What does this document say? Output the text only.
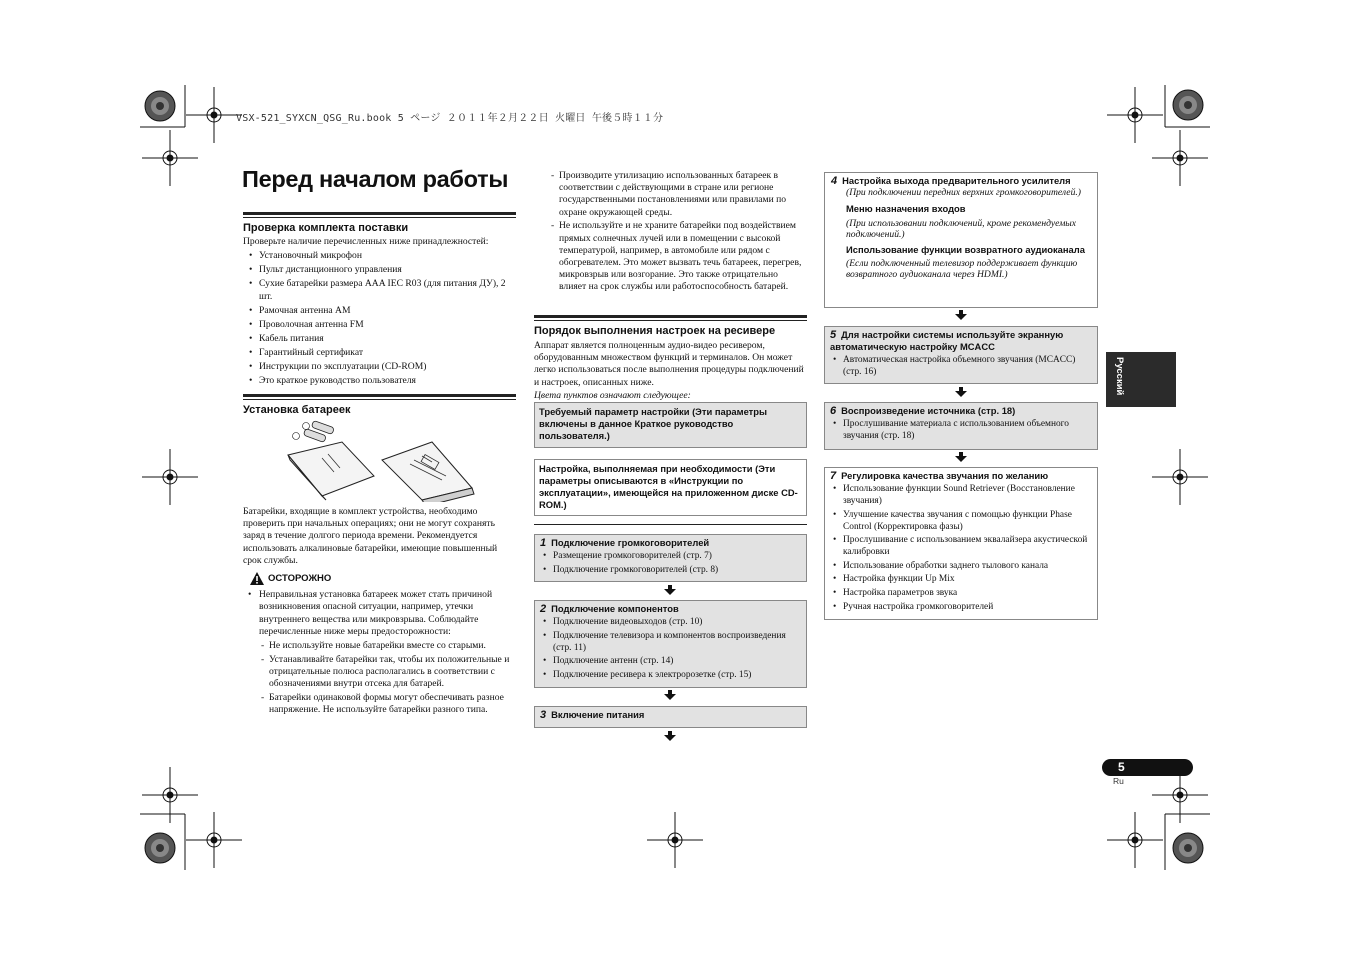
VSX-521_SYXCN_QSG_Ru.book 5 ページ ２０１１年２月２２日 火曜日 午後５時１１分
Перед началом работы
Проверка комплекта поставки
Проверьте наличие перечисленных ниже принадлежностей:
• Установочный микрофон
• Пульт дистанционного управления
• Сухие батарейки размера AAA IEC R03 (для питания ДУ), 2 шт.
• Рамочная антенна AM
• Проволочная антенна FM
• Кабель питания
• Гарантийный сертификат
• Инструкции по эксплуатации (CD-ROM)
• Это краткое руководство пользователя
Установка батареек
Батарейки, входящие в комплект устройства, необходимо проверить при начальных операциях; они не могут сохранять заряд в течение долгого периода времени. Рекомендуется использовать алкалиновые батарейки, имеющие повышенный срок службы.
ОСТОРОЖНО
• Неправильная установка батареек может стать причиной возникновения опасной ситуации, например, утечки внутреннего вещества или микровзрыва. Соблюдайте перечисленные ниже меры предосторожности:
- Не используйте новые батарейки вместе со старыми.
- Устанавливайте батарейки так, чтобы их положительные и отрицательные полюса располагались в соответствии с обозначениями внутри отсека для батарей.
- Батарейки одинаковой формы могут обеспечивать разное напряжение. Не используйте батарейки разного типа.
- Производите утилизацию использованных батареек в соответствии с действующими в стране или регионе государственными постановлениями или правилами по охране окружающей среды.
- Не используйте и не храните батарейки под воздействием прямых солнечных лучей или в помещении с высокой температурой, например, в автомобиле или рядом с обогревателем. Это может вызвать течь батареек, перегрев, микровзрыв или возгорание. Это также отрицательно влияет на срок службы или работоспособность батарей.
Порядок выполнения настроек на ресивере
Аппарат является полноценным аудио-видео ресивером, оборудованным множеством функций и терминалов. Он может легко использоваться после выполнения процедуры подключений и настроек, описанных ниже.
Цвета пунктов означают следующее:
Требуемый параметр настройки (Эти параметры включены в данное Краткое руководство пользователя.)
Настройка, выполняемая при необходимости (Эти параметры описываются в «Инструкции по эксплуатации», имеющейся на приложенном диске CD-ROM.)
1 Подключение громкоговорителей
• Размещение громкоговорителей (стр. 7)
• Подключение громкоговорителей (стр. 8)
2 Подключение компонентов
• Подключение видеовыходов (стр. 10)
• Подключение телевизора и компонентов воспроизведения (стр. 11)
• Подключение антенн (стр. 14)
• Подключение ресивера к электророзетке (стр. 15)
3 Включение питания
4 Настройка выхода предварительного усилителя
(При подключении передних верхних громкоговорителей.)
Меню назначения входов
(При использовании подключений, кроме рекомендуемых подключений.)
Использование функции возвратного аудиоканала
(Если подключенный телевизор поддерживает функцию возвратного аудиоканала через HDMI.)
5 Для настройки системы используйте экранную автоматическую настройку MCACC
• Автоматическая настройка объемного звучания (MCACC) (стр. 16)
6 Воспроизведение источника (стр. 18)
• Прослушивание материала с использованием объемного звучания (стр. 18)
7 Регулировка качества звучания по желанию
• Использование функции Sound Retriever (Восстановление звучания)
• Улучшение качества звучания с помощью функции Phase Control (Корректировка фазы)
• Прослушивание с использованием эквалайзера акустической калибровки
• Использование обработки заднего тылового канала
• Настройка функции Up Mix
• Настройка параметров звука
• Ручная настройка громкоговорителей
Русский
5
Ru
